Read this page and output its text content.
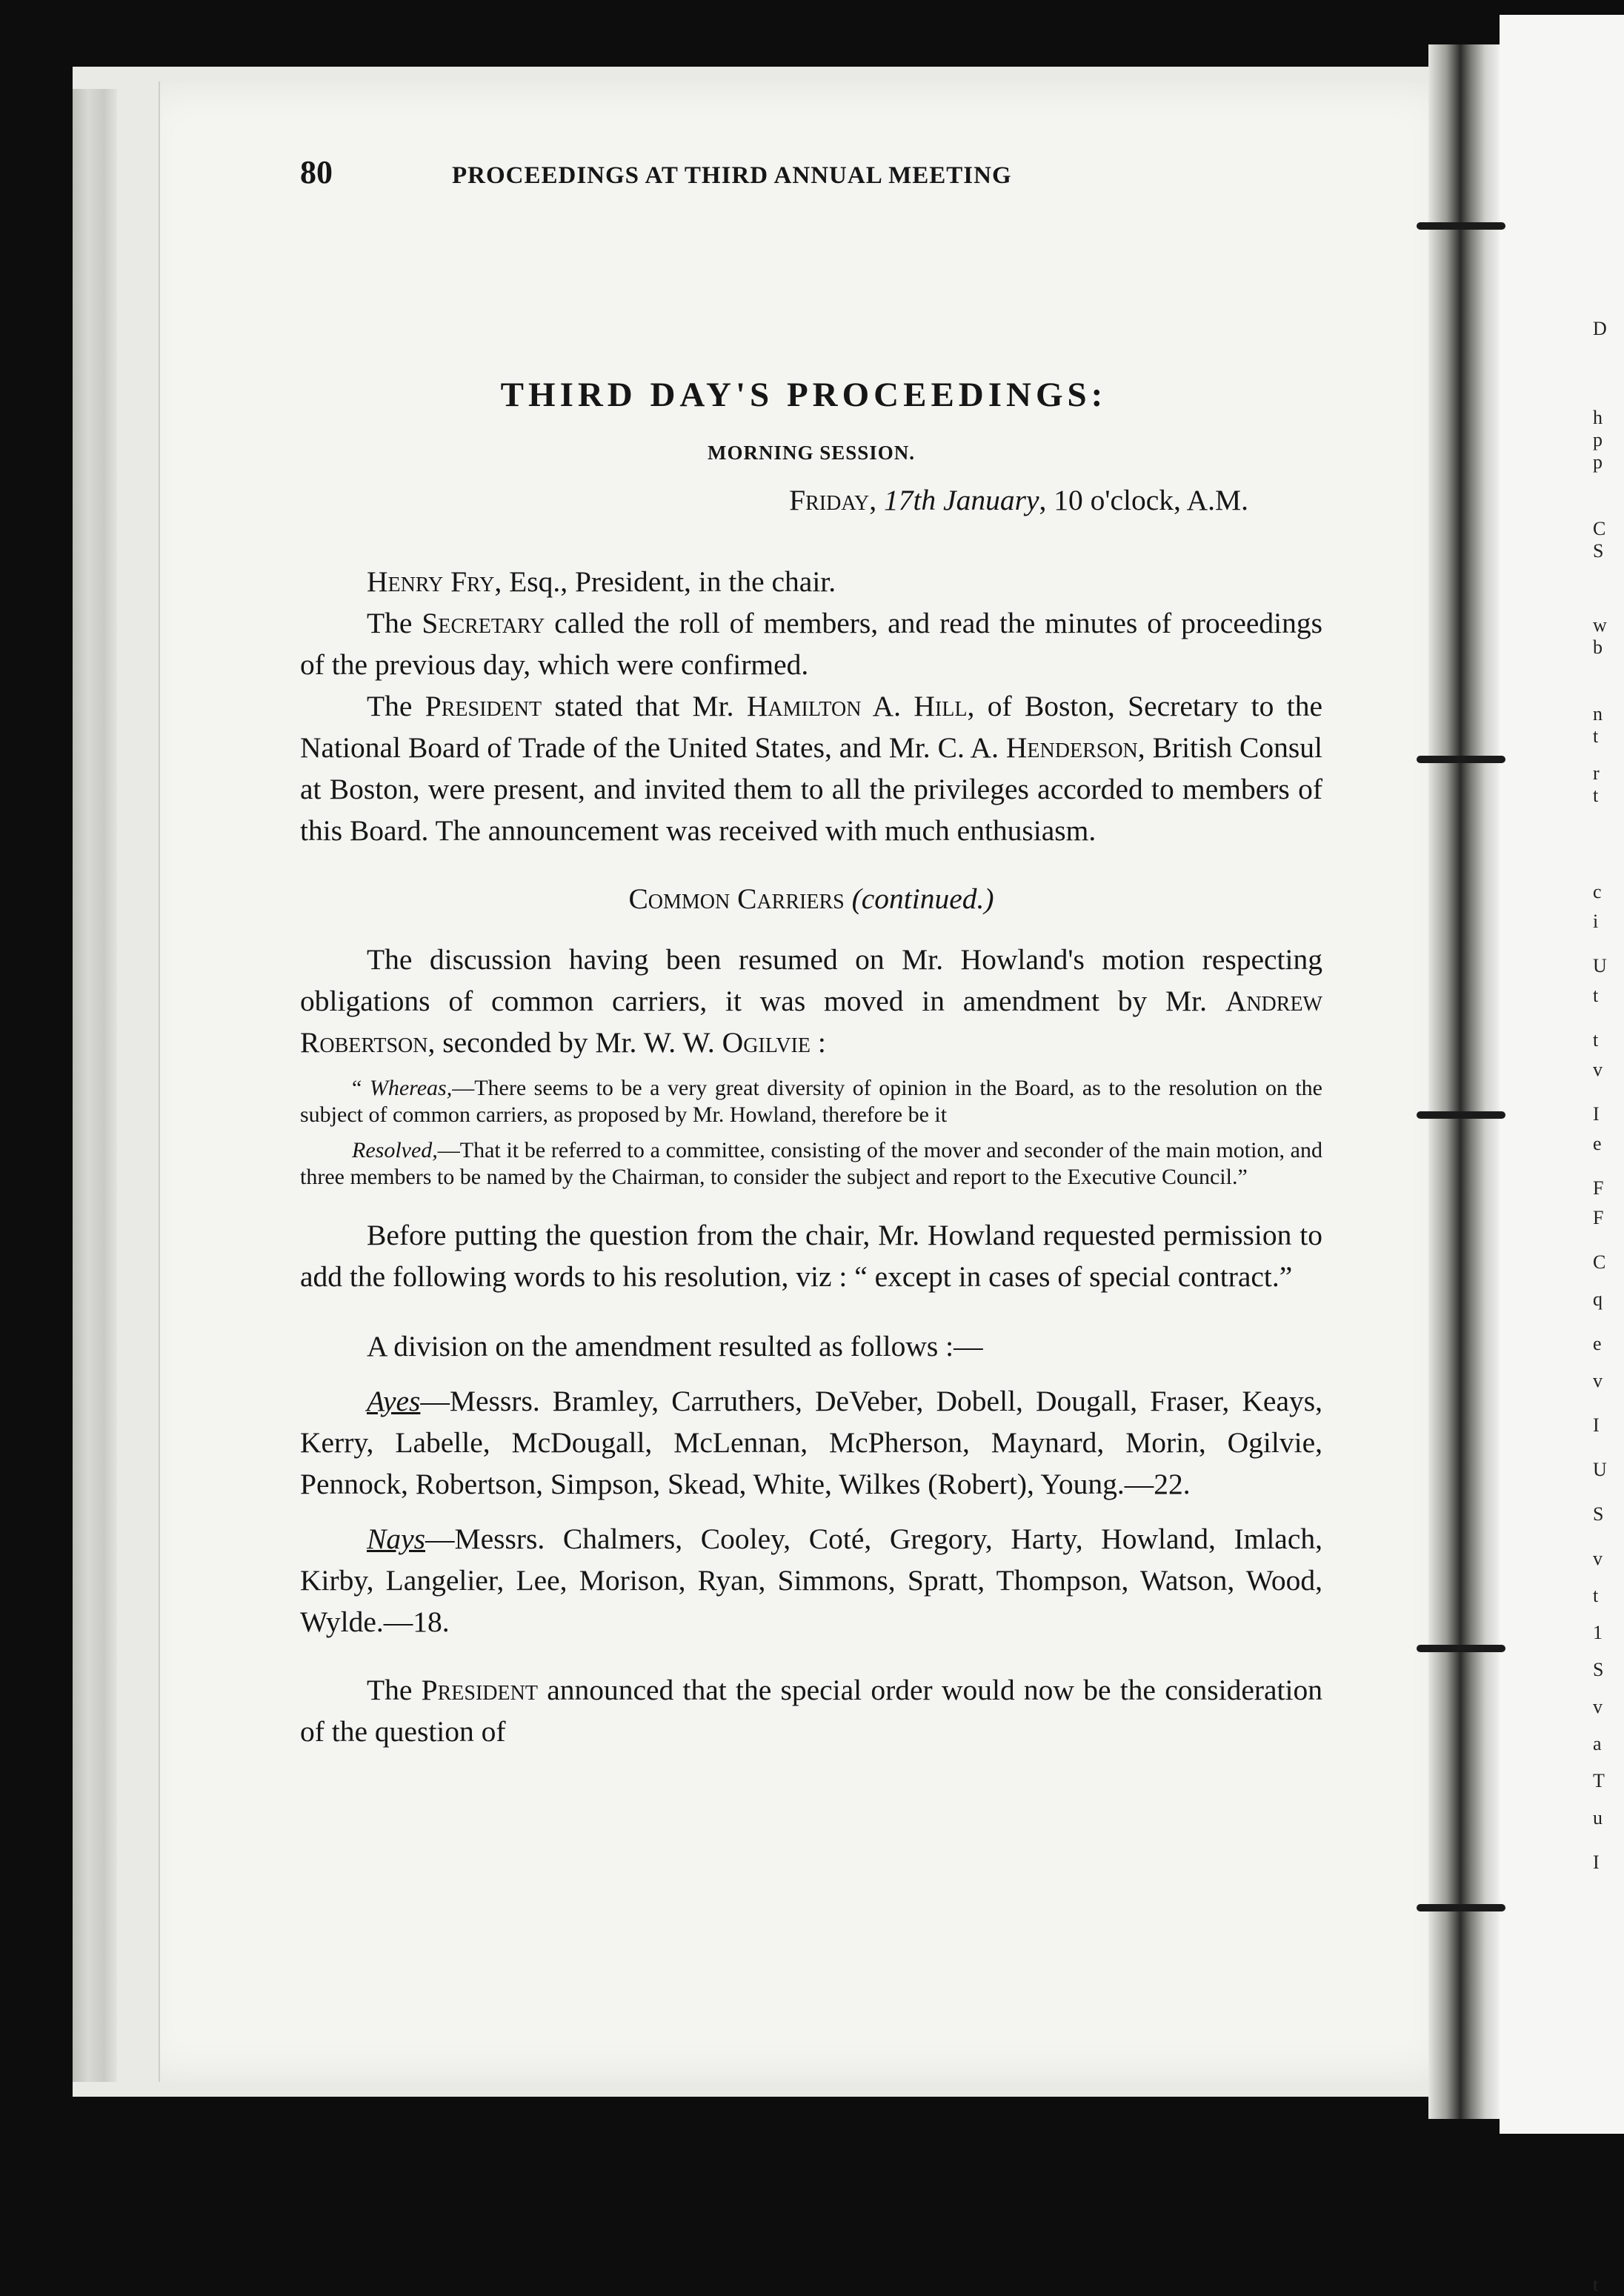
D
h
p
p
C
S
w
b
n
t
r
t
c
i
U
t
t
v
I
e
F
F
C
q
e
v
I
U
S
v
t
1
S
v
a
T
u
I
t
80	PROCEEDINGS AT THIRD ANNUAL MEETING
THIRD DAY'S PROCEEDINGS:
MORNING SESSION.
Friday, 17th January, 10 o'clock, A.M.

Henry Fry, Esq., President, in the chair.

The Secretary called the roll of members, and read the minutes of proceedings of the previous day, which were confirmed.

The President stated that Mr. Hamilton A. Hill, of Boston, Secretary to the National Board of Trade of the United States, and Mr. C. A. Henderson, British Consul at Boston, were present, and invited them to all the privileges accorded to members of this Board. The announcement was received with much enthusiasm.

Common Carriers (continued.)

The discussion having been resumed on Mr. Howland's motion respecting obligations of common carriers, it was moved in amendment by Mr. Andrew Robertson, seconded by Mr. W. W. Ogilvie :

“ Whereas,—There seems to be a very great diversity of opinion in the Board, as to the resolution on the subject of common carriers, as proposed by Mr. Howland, therefore be it

Resolved,—That it be referred to a committee, consisting of the mover and seconder of the main motion, and three members to be named by the Chairman, to consider the subject and report to the Executive Council.”

Before putting the question from the chair, Mr. Howland requested permission to add the following words to his resolution, viz : “ except in cases of special contract.”

A division on the amendment resulted as follows :—

Ayes—Messrs. Bramley, Carruthers, DeVeber, Dobell, Dougall, Fraser, Keays, Kerry, Labelle, McDougall, McLennan, McPherson, Maynard, Morin, Ogilvie, Pennock, Robertson, Simpson, Skead, White, Wilkes (Robert), Young.—22.

Nays—Messrs. Chalmers, Cooley, Coté, Gregory, Harty, Howland, Imlach, Kirby, Langelier, Lee, Morison, Ryan, Simmons, Spratt, Thompson, Watson, Wood, Wylde.—18.

The President announced that the special order would now be the consideration of the question of
